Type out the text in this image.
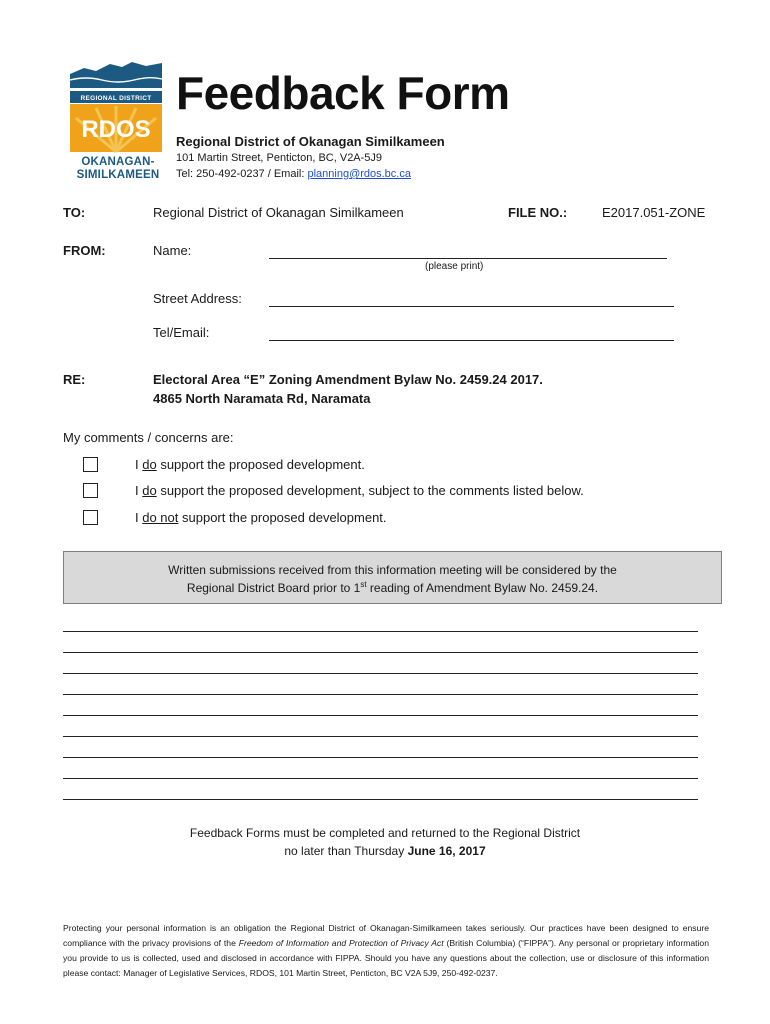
REGIONAL DISTRICT
RDOS
OKANAGAN-
SIMILKAMEEN
Feedback Form
Regional District of Okanagan Similkameen
101 Martin Street, Penticton, BC, V2A-5J9
Tel: 250-492-0237 / Email: planning@rdos.bc.ca
TO:	Regional District of Okanagan Similkameen	FILE NO.:	E2017.051-ZONE
FROM:	Name:
(please print)
Street Address:
Tel/Email:
RE:	Electoral Area “E” Zoning Amendment Bylaw No. 2459.24 2017.
4865 North Naramata Rd, Naramata
My comments / concerns are:
I do support the proposed development.
I do support the proposed development, subject to the comments listed below.
I do not support the proposed development.
Written submissions received from this information meeting will be considered by the
Regional District Board prior to 1st reading of Amendment Bylaw No. 2459.24.
Feedback Forms must be completed and returned to the Regional District
no later than Thursday June 16, 2017
Protecting your personal information is an obligation the Regional District of Okanagan-Similkameen takes seriously. Our practices have been designed to ensure compliance with the privacy provisions of the Freedom of Information and Protection of Privacy Act (British Columbia) (“FIPPA”). Any personal or proprietary information you provide to us is collected, used and disclosed in accordance with FIPPA. Should you have any questions about the collection, use or disclosure of this information please contact: Manager of Legislative Services, RDOS, 101 Martin Street, Penticton, BC V2A 5J9, 250-492-0237.
